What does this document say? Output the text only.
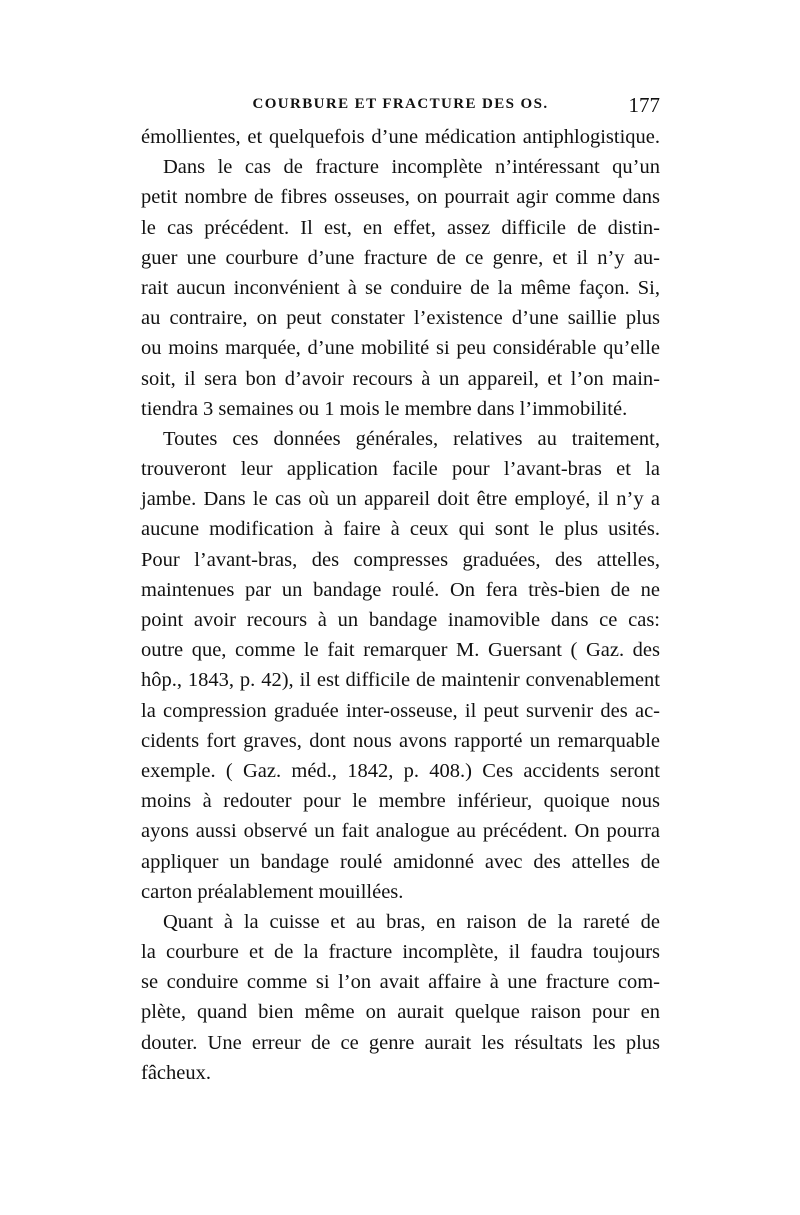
COURBURE ET FRACTURE DES OS.	177
émollientes, et quelquefois d’une médication antiphlogistique.
Dans le cas de fracture incomplète n’intéressant qu’un
petit nombre de fibres osseuses, on pourrait agir comme dans
le cas précédent. Il est, en effet, assez difficile de distin-
guer une courbure d’une fracture de ce genre, et il n’y au-
rait aucun inconvénient à se conduire de la même façon. Si,
au contraire, on peut constater l’existence d’une saillie plus
ou moins marquée, d’une mobilité si peu considérable qu’elle
soit, il sera bon d’avoir recours à un appareil, et l’on main-
tiendra 3 semaines ou 1 mois le membre dans l’immobilité.
Toutes ces données générales, relatives au traitement,
trouveront leur application facile pour l’avant-bras et la
jambe. Dans le cas où un appareil doit être employé, il n’y a
aucune modification à faire à ceux qui sont le plus usités.
Pour l’avant-bras, des compresses graduées, des attelles,
maintenues par un bandage roulé. On fera très-bien de ne
point avoir recours à un bandage inamovible dans ce cas:
outre que, comme le fait remarquer M. Guersant ( Gaz. des
hôp., 1843, p. 42), il est difficile de maintenir convenablement
la compression graduée inter-osseuse, il peut survenir des ac-
cidents fort graves, dont nous avons rapporté un remarquable
exemple. ( Gaz. méd., 1842, p. 408.) Ces accidents seront
moins à redouter pour le membre inférieur, quoique nous
ayons aussi observé un fait analogue au précédent. On pourra
appliquer un bandage roulé amidonné avec des attelles de
carton préalablement mouillées.
Quant à la cuisse et au bras, en raison de la rareté de
la courbure et de la fracture incomplète, il faudra toujours
se conduire comme si l’on avait affaire à une fracture com-
plète, quand bien même on aurait quelque raison pour en
douter. Une erreur de ce genre aurait les résultats les plus
fâcheux.
